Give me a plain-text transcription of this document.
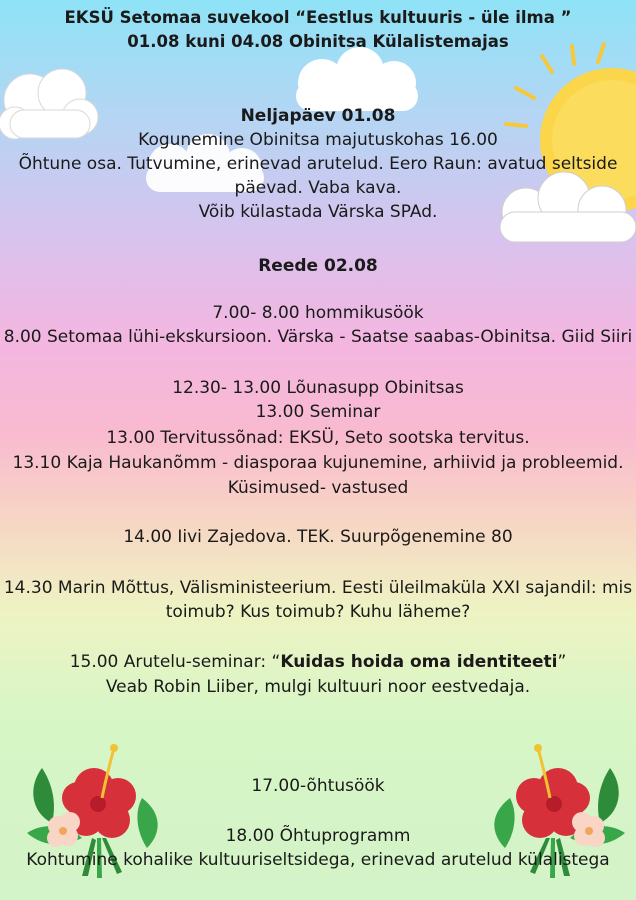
EKSÜ Setomaa suvekool “Eestlus kultuuris - üle ilma ”
01.08 kuni 04.08 Obinitsa Külalistemajas
Neljapäev 01.08
Kogunemine Obinitsa majutuskohas 16.00
Õhtune osa. Tutvumine, erinevad arutelud. Eero Raun: avatud seltside
päevad. Vaba kava.
Võib külastada Värska SPAd.
Reede 02.08
7.00- 8.00 hommikusöök
8.00 Setomaa lühi-ekskursioon. Värska - Saatse saabas-Obinitsa. Giid Siiri
12.30- 13.00 Lõunasupp Obinitsas
13.00 Seminar
13.00 Tervitussõnad: EKSÜ, Seto sootska tervitus.
13.10 Kaja Haukanõmm - diasporaa kujunemine, arhiivid ja probleemid.
Küsimused- vastused
14.00 Iivi Zajedova. TEK. Suurpõgenemine 80
14.30 Marin Mõttus, Välisministeerium. Eesti üleilmaküla XXI sajandil: mis
toimub? Kus toimub? Kuhu läheme?
15.00 Arutelu-seminar: “Kuidas hoida oma identiteeti”
Veab Robin Liiber, mulgi kultuuri noor eestvedaja.
17.00-õhtusöök
18.00 Õhtuprogramm
Kohtumine kohalike kultuuriseltsidega, erinevad arutelud külalistega
